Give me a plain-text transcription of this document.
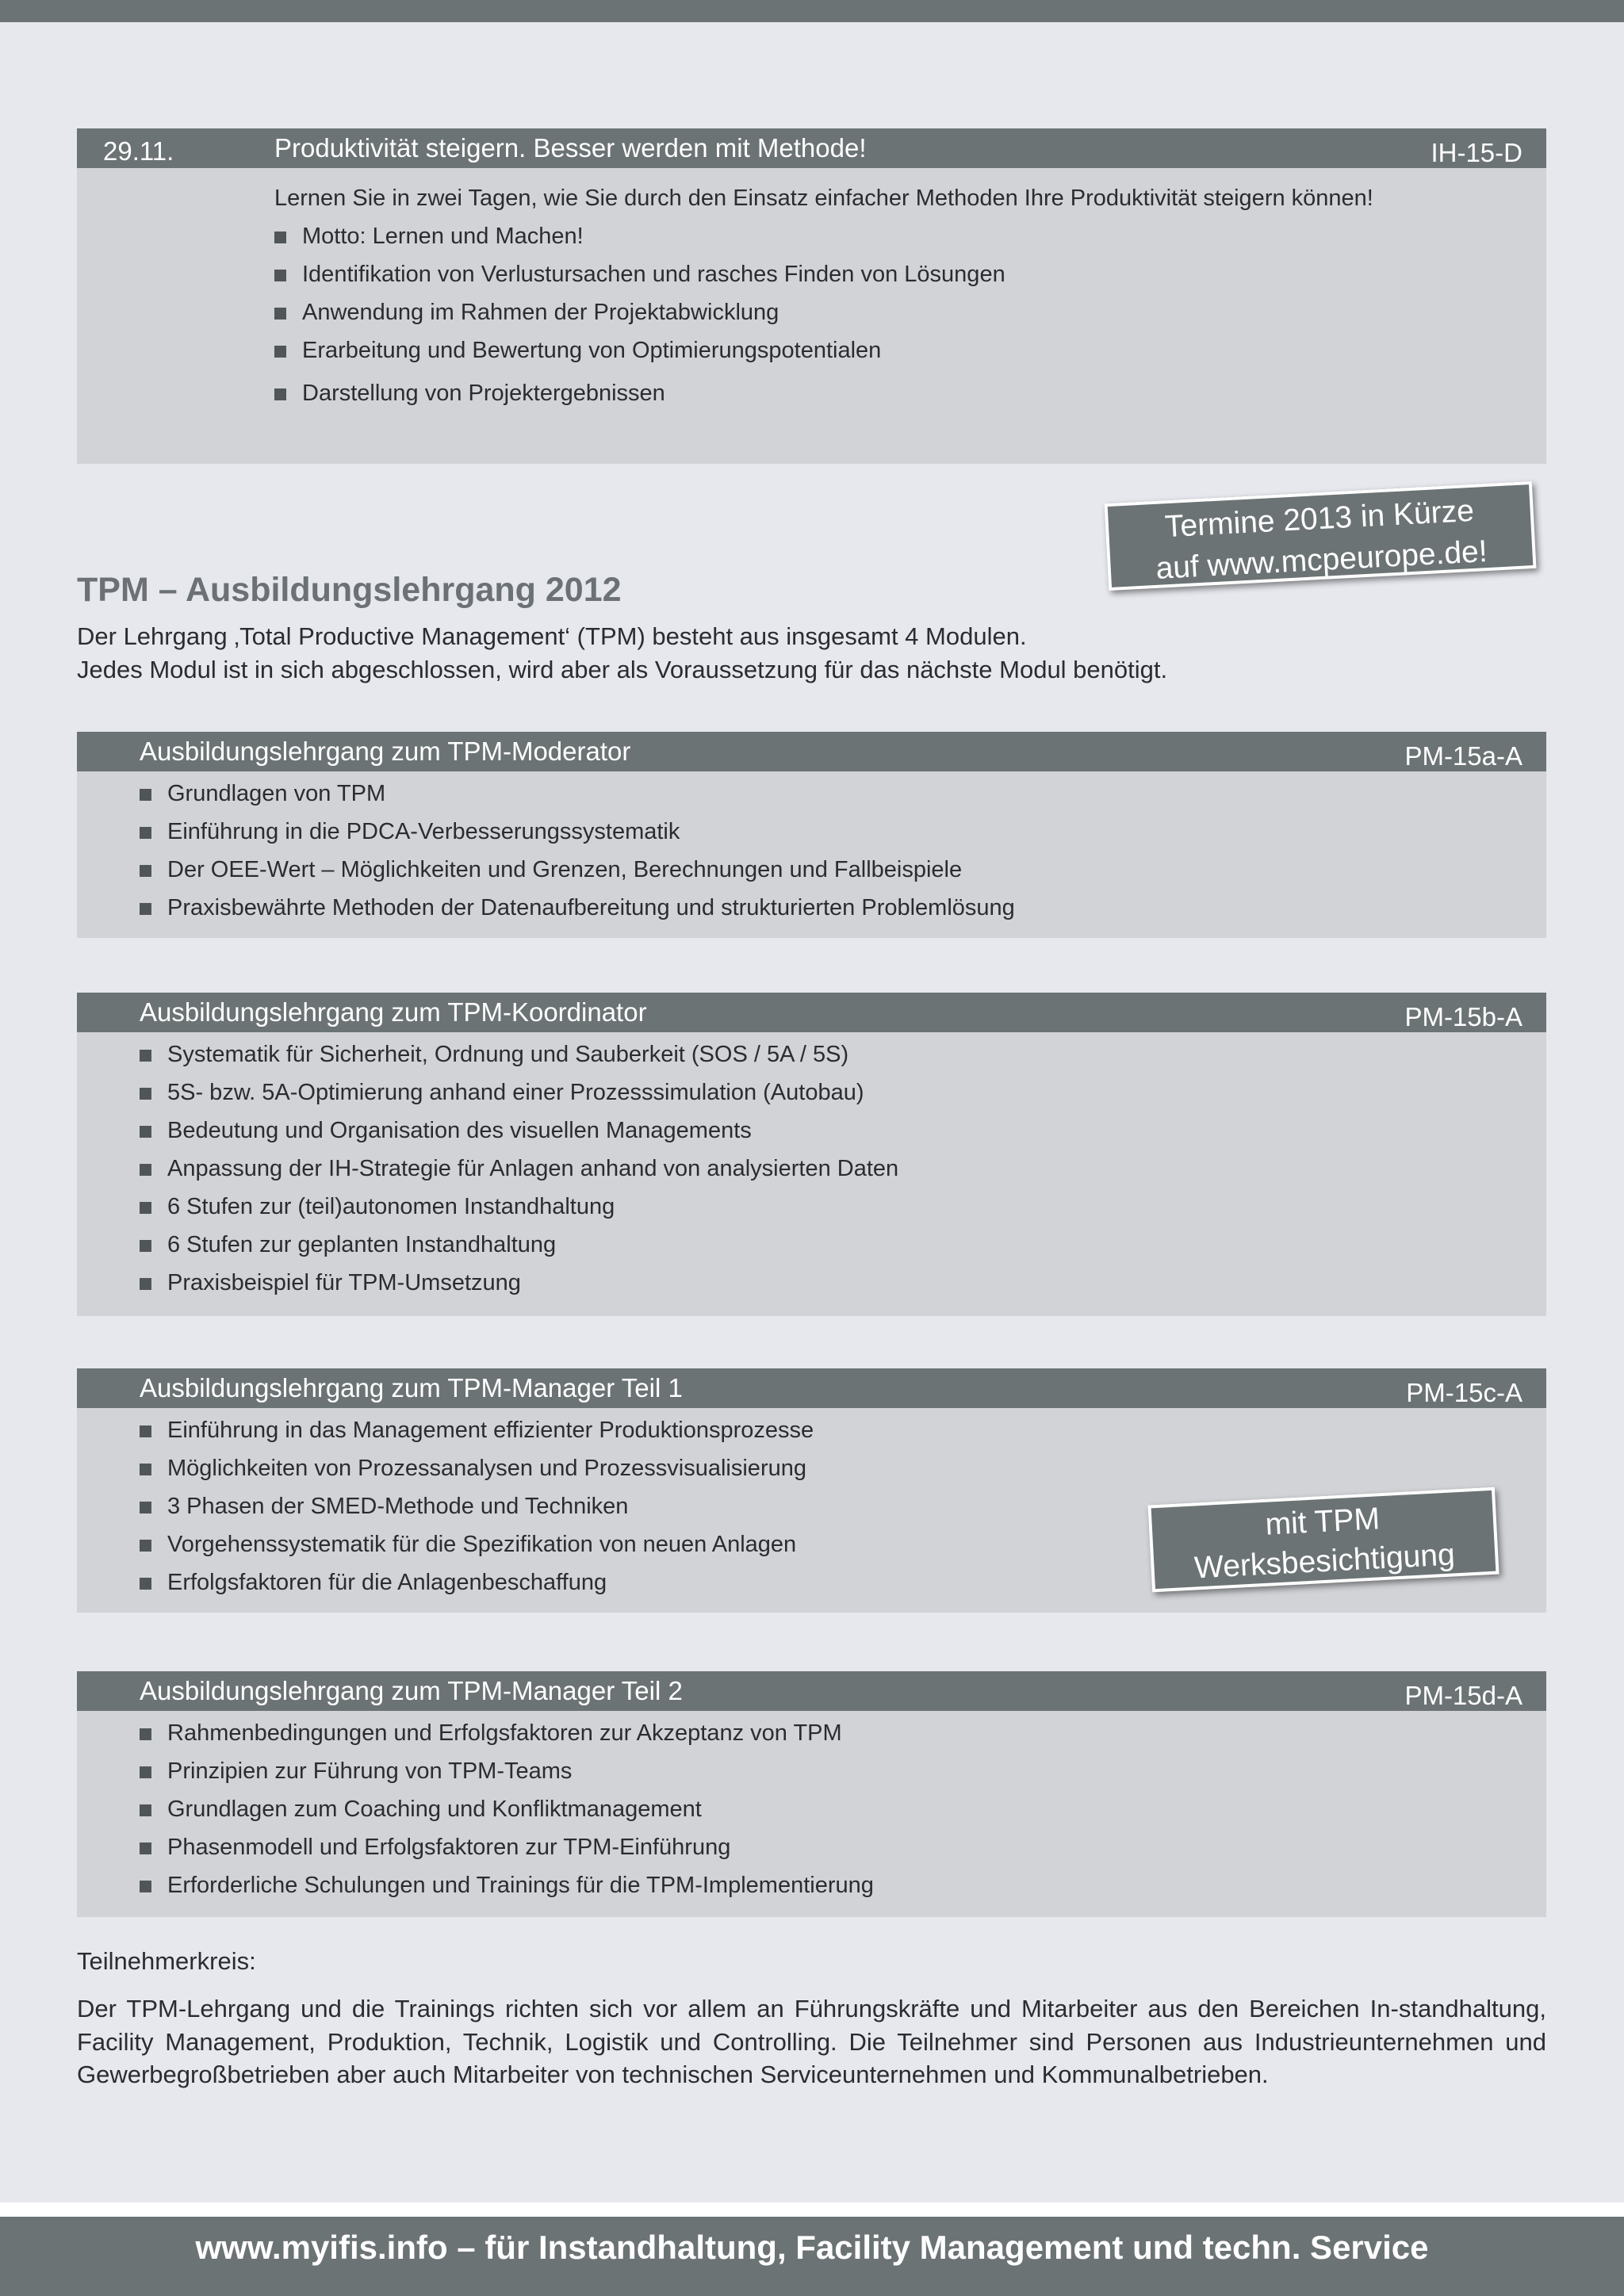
29.11.	Produktivität steigern. Besser werden mit Methode!	IH-15-D

Lernen Sie in zwei Tagen, wie Sie durch den Einsatz einfacher Methoden Ihre Produktivität steigern können!

Motto: Lernen und Machen!
Identifikation von Verlustursachen und rasches Finden von Lösungen
Anwendung im Rahmen der Projektabwicklung
Erarbeitung und Bewertung von Optimierungspotentialen
Darstellung von Projektergebnissen
Termine 2013 in Kürze
auf www.mcpeurope.de!
TPM – Ausbildungslehrgang 2012
Der Lehrgang ‚Total Productive Management‘ (TPM) besteht aus insgesamt 4 Modulen.
Jedes Modul ist in sich abgeschlossen, wird aber als Voraussetzung für das nächste Modul benötigt.
Ausbildungslehrgang zum TPM-Moderator	PM-15a-A
Grundlagen von TPM
Einführung in die PDCA-Verbesserungssystematik
Der OEE-Wert – Möglichkeiten und Grenzen, Berechnungen und Fallbeispiele
Praxisbewährte Methoden der Datenaufbereitung und strukturierten Problemlösung
Ausbildungslehrgang zum TPM-Koordinator	PM-15b-A
Systematik für Sicherheit, Ordnung und Sauberkeit (SOS / 5A / 5S)
5S- bzw. 5A-Optimierung anhand einer Prozesssimulation (Autobau)
Bedeutung und Organisation des visuellen Managements
Anpassung der IH-Strategie für Anlagen anhand von analysierten Daten
6 Stufen zur (teil)autonomen Instandhaltung
6 Stufen zur geplanten Instandhaltung
Praxisbeispiel für TPM-Umsetzung
Ausbildungslehrgang zum TPM-Manager Teil 1	PM-15c-A
Einführung in das Management effizienter Produktionsprozesse
Möglichkeiten von Prozessanalysen und Prozessvisualisierung
3 Phasen der SMED-Methode und Techniken
Vorgehenssystematik für die Spezifikation von neuen Anlagen
Erfolgsfaktoren für die Anlagenbeschaffung
mit TPM
Werksbesichtigung
Ausbildungslehrgang zum TPM-Manager Teil 2	PM-15d-A
Rahmenbedingungen und Erfolgsfaktoren zur Akzeptanz von TPM
Prinzipien zur Führung von TPM-Teams
Grundlagen zum Coaching und Konfliktmanagement
Phasenmodell und Erfolgsfaktoren zur TPM-Einführung
Erforderliche Schulungen und Trainings für die TPM-Implementierung
Teilnehmerkreis:
Der TPM-Lehrgang und die Trainings richten sich vor allem an Führungskräfte und Mitarbeiter aus den Bereichen In-standhaltung, Facility Management, Produktion, Technik, Logistik und Controlling. Die Teilnehmer sind Personen aus Industrieunternehmen und Gewerbegroßbetrieben aber auch Mitarbeiter von technischen Serviceunternehmen und Kommunalbetrieben.
www.myifis.info – für Instandhaltung, Facility Management und techn. Service
